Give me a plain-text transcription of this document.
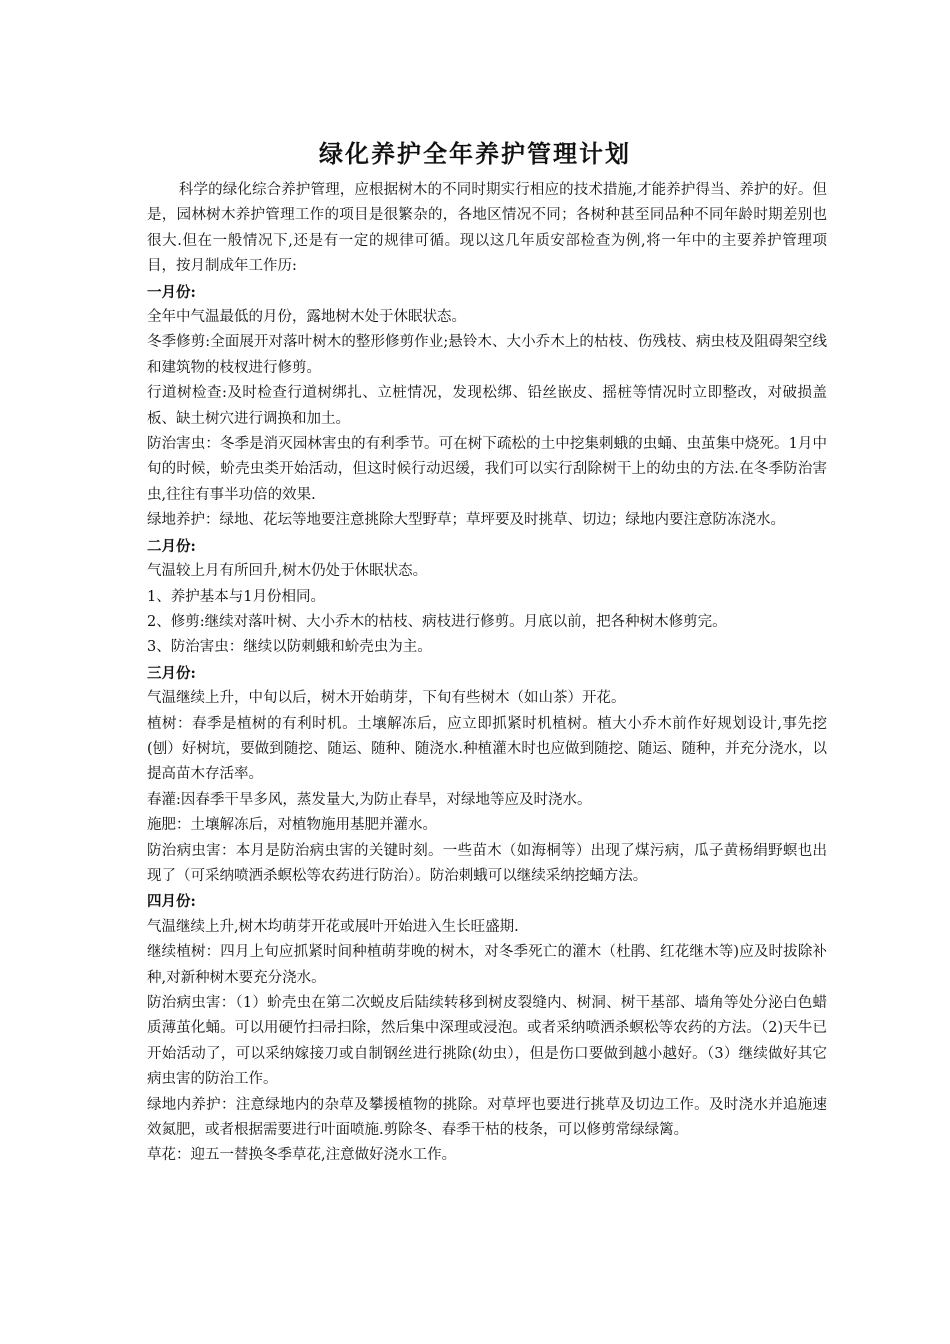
绿化养护全年养护管理计划

科学的绿化综合养护管理，应根据树木的不同时期实行相应的技术措施,才能养护得当、养护的好。但是，园林树木养护管理工作的项目是很繁杂的，各地区情况不同；各树种甚至同品种不同年龄时期差别也很大.但在一般情况下,还是有一定的规律可循。现以这几年质安部检查为例,将一年中的主要养护管理项目，按月制成年工作历:

一月份:

全年中气温最低的月份，露地树木处于休眠状态。

冬季修剪:全面展开对落叶树木的整形修剪作业;悬铃木、大小乔木上的枯枝、伤残枝、病虫枝及阻碍架空线和建筑物的枝杈进行修剪。

行道树检查:及时检查行道树绑扎、立桩情况，发现松绑、铅丝嵌皮、摇桩等情况时立即整改，对破损盖板、缺土树穴进行调换和加土。

防治害虫：冬季是消灭园林害虫的有利季节。可在树下疏松的土中挖集刺蛾的虫蛹、虫茧集中烧死。1月中旬的时候，蚧壳虫类开始活动，但这时候行动迟缓，我们可以实行刮除树干上的幼虫的方法.在冬季防治害虫,往往有事半功倍的效果.

绿地养护：绿地、花坛等地要注意挑除大型野草；草坪要及时挑草、切边；绿地内要注意防冻浇水。

二月份:

气温较上月有所回升,树木仍处于休眠状态。

1、养护基本与1月份相同。

2、修剪:继续对落叶树、大小乔木的枯枝、病枝进行修剪。月底以前，把各种树木修剪完。

3、防治害虫：继续以防刺蛾和蚧壳虫为主。

三月份:

气温继续上升，中旬以后，树木开始萌芽，下旬有些树木（如山茶）开花。

植树：春季是植树的有利时机。土壤解冻后，应立即抓紧时机植树。植大小乔木前作好规划设计,事先挖(刨）好树坑，要做到随挖、随运、随种、随浇水.种植灌木时也应做到随挖、随运、随种，并充分浇水，以提高苗木存活率。

春灌:因春季干旱多风，蒸发量大,为防止春旱，对绿地等应及时浇水。

施肥：土壤解冻后，对植物施用基肥并灌水。

防治病虫害：本月是防治病虫害的关键时刻。一些苗木（如海桐等）出现了煤污病，瓜子黄杨绢野螟也出现了（可采纳喷洒杀螟松等农药进行防治）。防治刺蛾可以继续采纳挖蛹方法。

四月份:

气温继续上升,树木均萌芽开花或展叶开始进入生长旺盛期.

继续植树：四月上旬应抓紧时间种植萌芽晚的树木，对冬季死亡的灌木（杜鹃、红花继木等)应及时拔除补种,对新种树木要充分浇水。

防治病虫害：（1）蚧壳虫在第二次蜕皮后陆续转移到树皮裂缝内、树洞、树干基部、墙角等处分泌白色蜡质薄茧化蛹。可以用硬竹扫帚扫除，然后集中深理或浸泡。或者采纳喷洒杀螟松等农药的方法。（2)天牛已开始活动了，可以采纳嫁接刀或自制钢丝进行挑除(幼虫），但是伤口要做到越小越好。（3）继续做好其它病虫害的防治工作。

绿地内养护：注意绿地内的杂草及攀援植物的挑除。对草坪也要进行挑草及切边工作。及时浇水并追施速效氮肥，或者根据需要进行叶面喷施.剪除冬、春季干枯的枝条，可以修剪常绿绿篱。

草花：迎五一替换冬季草花,注意做好浇水工作。
